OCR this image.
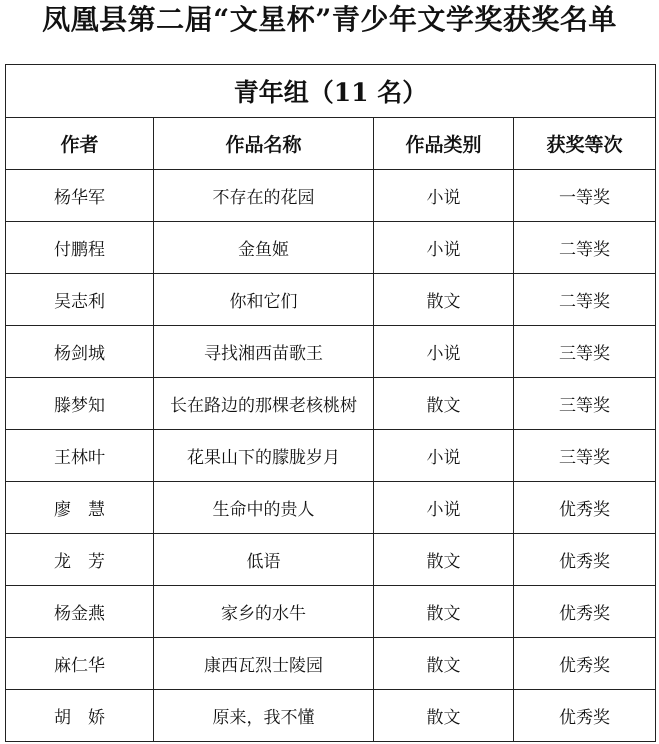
凤凰县第二届“文星杯”青少年文学奖获奖名单
青年组（11 名）			
作者	作品名称	作品类别	获奖等次
杨华军	不存在的花园	小说	一等奖
付鹏程	金鱼姬	小说	二等奖
吴志利	你和它们	散文	二等奖
杨剑城	寻找湘西苗歌王	小说	三等奖
滕梦知	长在路边的那棵老核桃树	散文	三等奖
王林叶	花果山下的朦胧岁月	小说	三等奖
廖　慧	生命中的贵人	小说	优秀奖
龙　芳	低语	散文	优秀奖
杨金燕	家乡的水牛	散文	优秀奖
麻仁华	康西瓦烈士陵园	散文	优秀奖
胡　娇	原来，我不懂	散文	优秀奖
